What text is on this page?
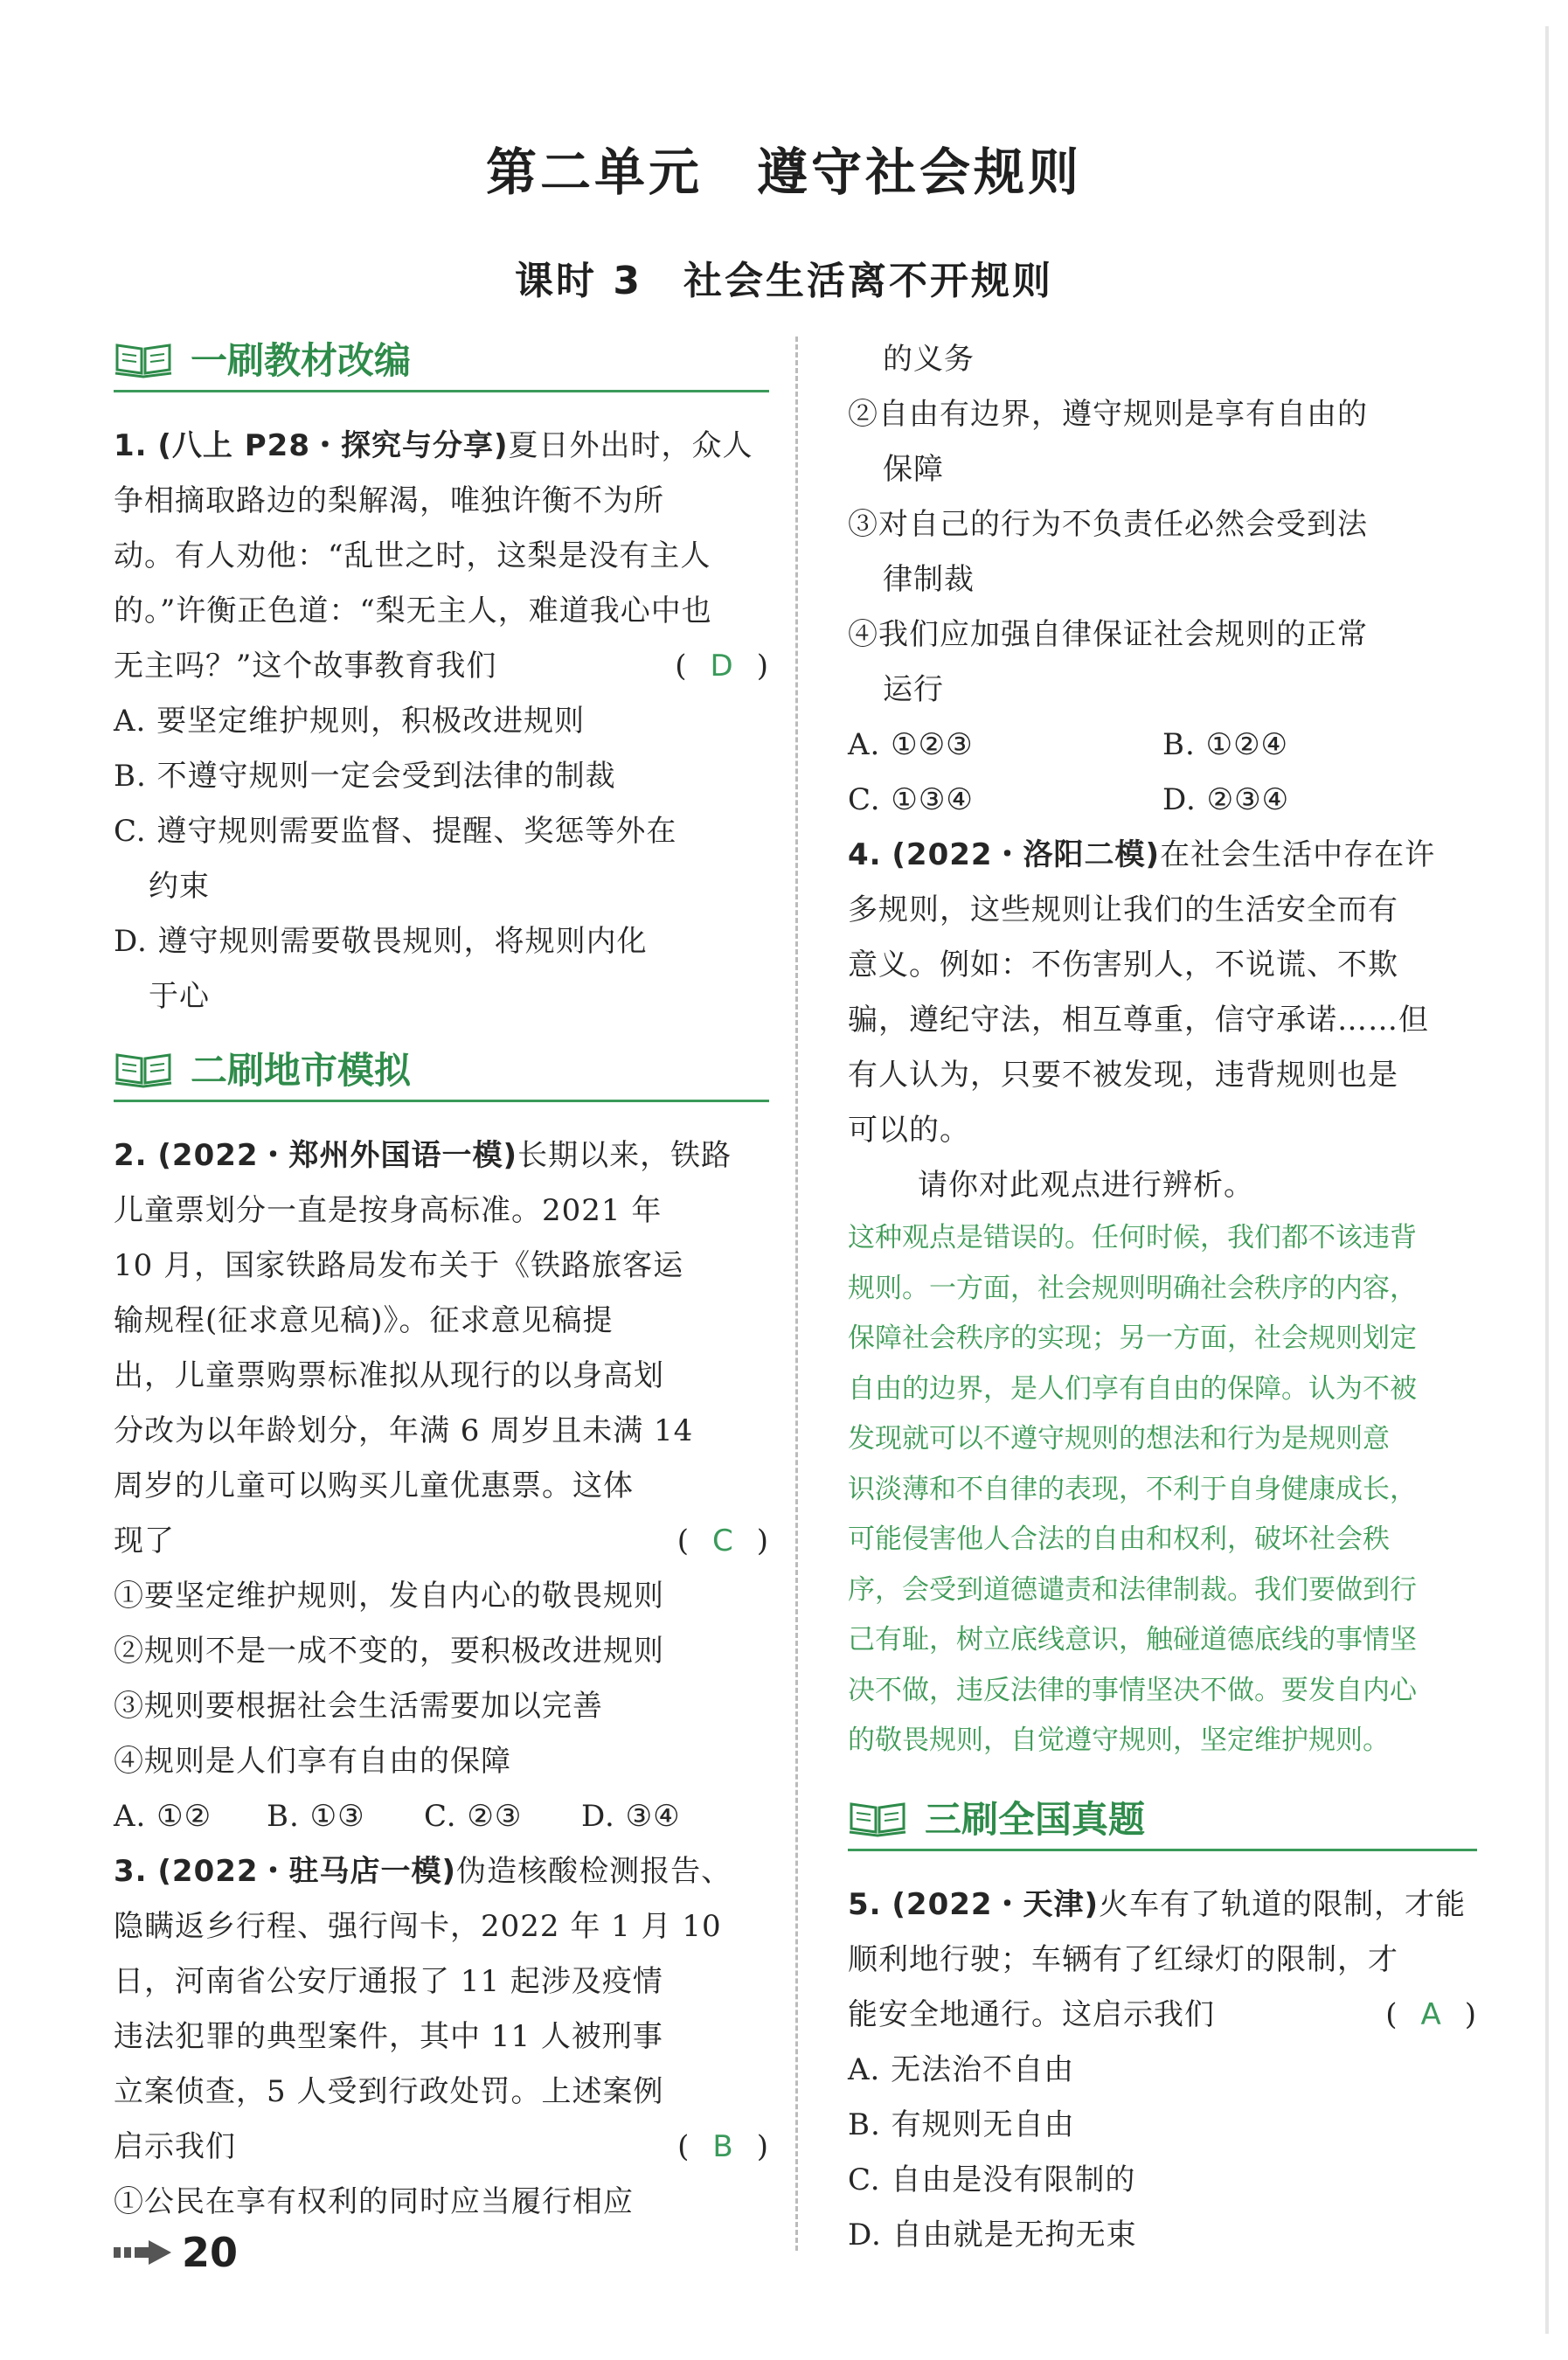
第二单元　遵守社会规则
课时 3　社会生活离不开规则
一刷教材改编
1. (八上 P28・探究与分享)夏日外出时，众人
争相摘取路边的梨解渴，唯独许衡不为所
动。有人劝他：“乱世之时，这梨是没有主人
的。”许衡正色道：“梨无主人，难道我心中也
无主吗？”这个故事教育我们	( D )
A. 要坚定维护规则，积极改进规则
B. 不遵守规则一定会受到法律的制裁
C. 遵守规则需要监督、提醒、奖惩等外在
约束
D. 遵守规则需要敬畏规则，将规则内化
于心
二刷地市模拟
2. (2022・郑州外国语一模)长期以来，铁路
儿童票划分一直是按身高标准。2021 年
10 月，国家铁路局发布关于《铁路旅客运
输规程(征求意见稿)》。征求意见稿提
出，儿童票购票标准拟从现行的以身高划
分改为以年龄划分，年满 6 周岁且未满 14
周岁的儿童可以购买儿童优惠票。这体
现了	( C )
①要坚定维护规则，发自内心的敬畏规则
②规则不是一成不变的，要积极改进规则
③规则要根据社会生活需要加以完善
④规则是人们享有自由的保障
A. ①②	B. ①③	C. ②③	D. ③④
3. (2022・驻马店一模)伪造核酸检测报告、
隐瞒返乡行程、强行闯卡，2022 年 1 月 10
日，河南省公安厅通报了 11 起涉及疫情
违法犯罪的典型案件，其中 11 人被刑事
立案侦查，5 人受到行政处罚。上述案例
启示我们	( B )
①公民在享有权利的同时应当履行相应
的义务
②自由有边界，遵守规则是享有自由的
保障
③对自己的行为不负责任必然会受到法
律制裁
④我们应加强自律保证社会规则的正常
运行
A. ①②③	B. ①②④
C. ①③④	D. ②③④
4. (2022・洛阳二模)在社会生活中存在许
多规则，这些规则让我们的生活安全而有
意义。例如：不伤害别人，不说谎、不欺
骗，遵纪守法，相互尊重，信守承诺……但
有人认为，只要不被发现，违背规则也是
可以的。
请你对此观点进行辨析。
这种观点是错误的。任何时候，我们都不该违背
规则。一方面，社会规则明确社会秩序的内容，
保障社会秩序的实现；另一方面，社会规则划定
自由的边界，是人们享有自由的保障。认为不被
发现就可以不遵守规则的想法和行为是规则意
识淡薄和不自律的表现，不利于自身健康成长，
可能侵害他人合法的自由和权利，破坏社会秩
序，会受到道德谴责和法律制裁。我们要做到行
己有耻，树立底线意识，触碰道德底线的事情坚
决不做，违反法律的事情坚决不做。要发自内心
的敬畏规则，自觉遵守规则，坚定维护规则。
三刷全国真题
5. (2022・天津)火车有了轨道的限制，才能
顺利地行驶；车辆有了红绿灯的限制，才
能安全地通行。这启示我们	( A )
A. 无法治不自由
B. 有规则无自由
C. 自由是没有限制的
D. 自由就是无拘无束
20
